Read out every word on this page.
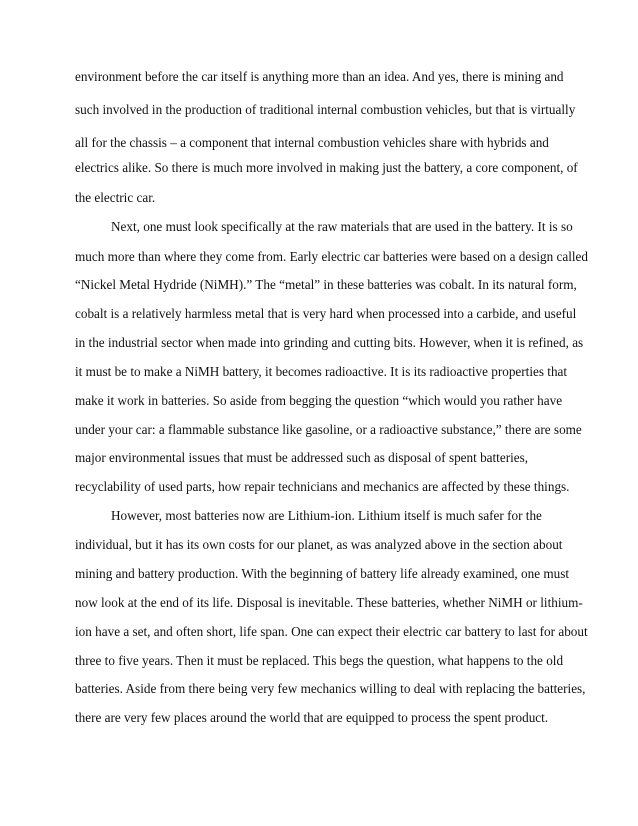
environment before the car itself is anything more than an idea. And yes, there is mining and

such involved in the production of traditional internal combustion vehicles, but that is virtually

all for the chassis – a component that internal combustion vehicles share with hybrids and

electrics alike. So there is much more involved in making just the battery, a core component, of

the electric car.

Next, one must look specifically at the raw materials that are used in the battery. It is so

much more than where they come from. Early electric car batteries were based on a design called

“Nickel Metal Hydride (NiMH).” The “metal” in these batteries was cobalt. In its natural form,

cobalt is a relatively harmless metal that is very hard when processed into a carbide, and useful

in the industrial sector when made into grinding and cutting bits. However, when it is refined, as

it must be to make a NiMH battery, it becomes radioactive. It is its radioactive properties that

make it work in batteries. So aside from begging the question “which would you rather have

under your car: a flammable substance like gasoline, or a radioactive substance,” there are some

major environmental issues that must be addressed such as disposal of spent batteries,

recyclability of used parts, how repair technicians and mechanics are affected by these things.

However, most batteries now are Lithium-ion. Lithium itself is much safer for the

individual, but it has its own costs for our planet, as was analyzed above in the section about

mining and battery production. With the beginning of battery life already examined, one must

now look at the end of its life. Disposal is inevitable. These batteries, whether NiMH or lithium-

ion have a set, and often short, life span. One can expect their electric car battery to last for about

three to five years. Then it must be replaced. This begs the question, what happens to the old

batteries. Aside from there being very few mechanics willing to deal with replacing the batteries,

there are very few places around the world that are equipped to process the spent product.
